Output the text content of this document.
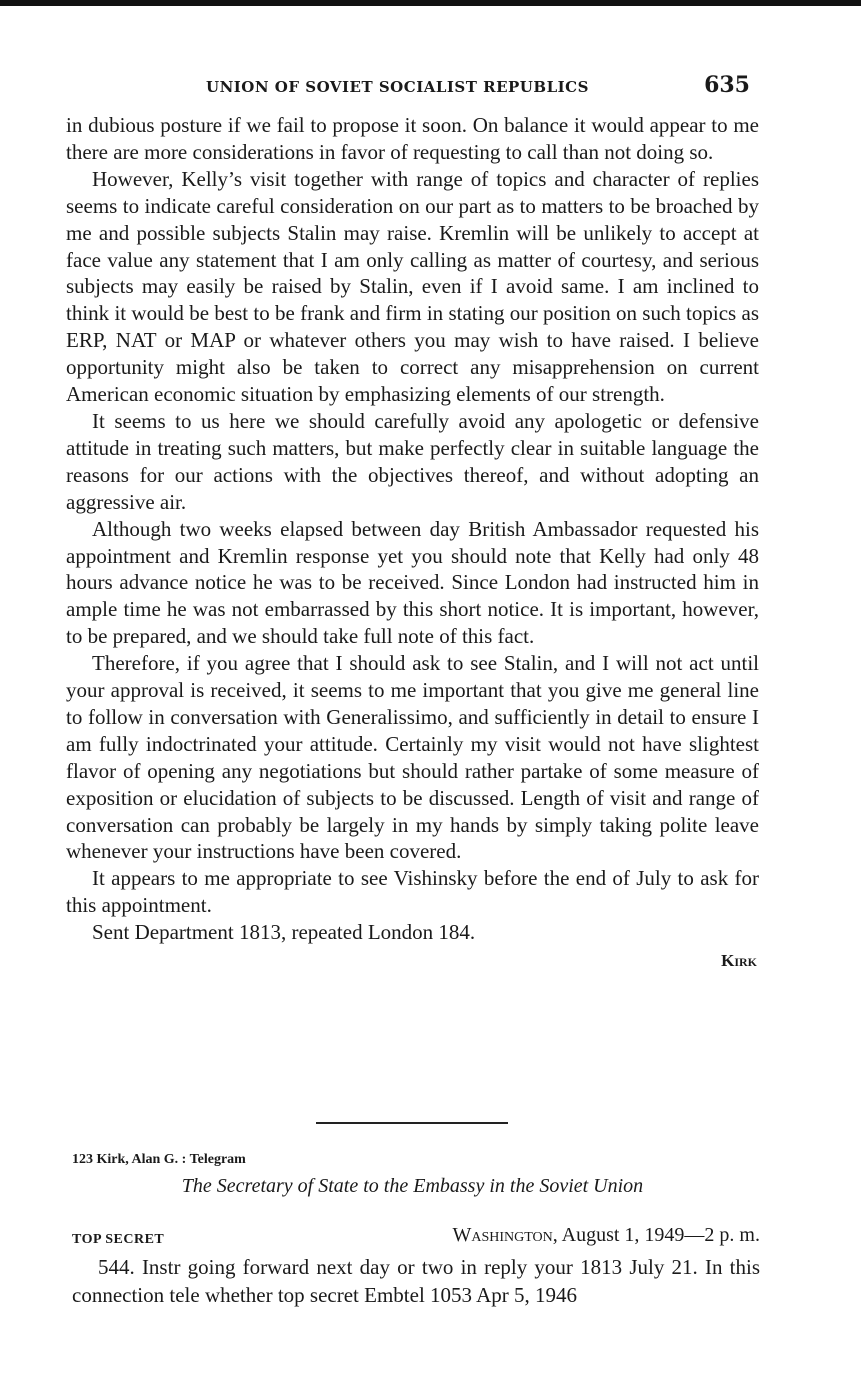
UNION OF SOVIET SOCIALIST REPUBLICS	635

in dubious posture if we fail to propose it soon. On balance it would appear to me there are more considerations in favor of requesting to call than not doing so.

However, Kelly’s visit together with range of topics and character of replies seems to indicate careful consideration on our part as to matters to be broached by me and possible subjects Stalin may raise. Kremlin will be unlikely to accept at face value any statement that I am only calling as matter of courtesy, and serious subjects may easily be raised by Stalin, even if I avoid same. I am inclined to think it would be best to be frank and firm in stating our position on such topics as ERP, NAT or MAP or whatever others you may wish to have raised. I believe opportunity might also be taken to correct any misapprehension on current American economic situation by emphasizing elements of our strength.

It seems to us here we should carefully avoid any apologetic or defensive attitude in treating such matters, but make perfectly clear in suitable language the reasons for our actions with the objectives thereof, and without adopting an aggressive air.

Although two weeks elapsed between day British Ambassador requested his appointment and Kremlin response yet you should note that Kelly had only 48 hours advance notice he was to be received. Since London had instructed him in ample time he was not embarrassed by this short notice. It is important, however, to be prepared, and we should take full note of this fact.

Therefore, if you agree that I should ask to see Stalin, and I will not act until your approval is received, it seems to me important that you give me general line to follow in conversation with Generalissimo, and sufficiently in detail to ensure I am fully indoctrinated your attitude. Certainly my visit would not have slightest flavor of opening any negotiations but should rather partake of some measure of exposition or elucidation of subjects to be discussed. Length of visit and range of conversation can probably be largely in my hands by simply taking polite leave whenever your instructions have been covered.

It appears to me appropriate to see Vishinsky before the end of July to ask for this appointment.

Sent Department 1813, repeated London 184.

Kirk

123 Kirk, Alan G. : Telegram
The Secretary of State to the Embassy in the Soviet Union
TOP SECRET	Washington, August 1, 1949—2 p. m.

544. Instr going forward next day or two in reply your 1813 July 21. In this connection tele whether top secret Embtel 1053 Apr 5, 1946
